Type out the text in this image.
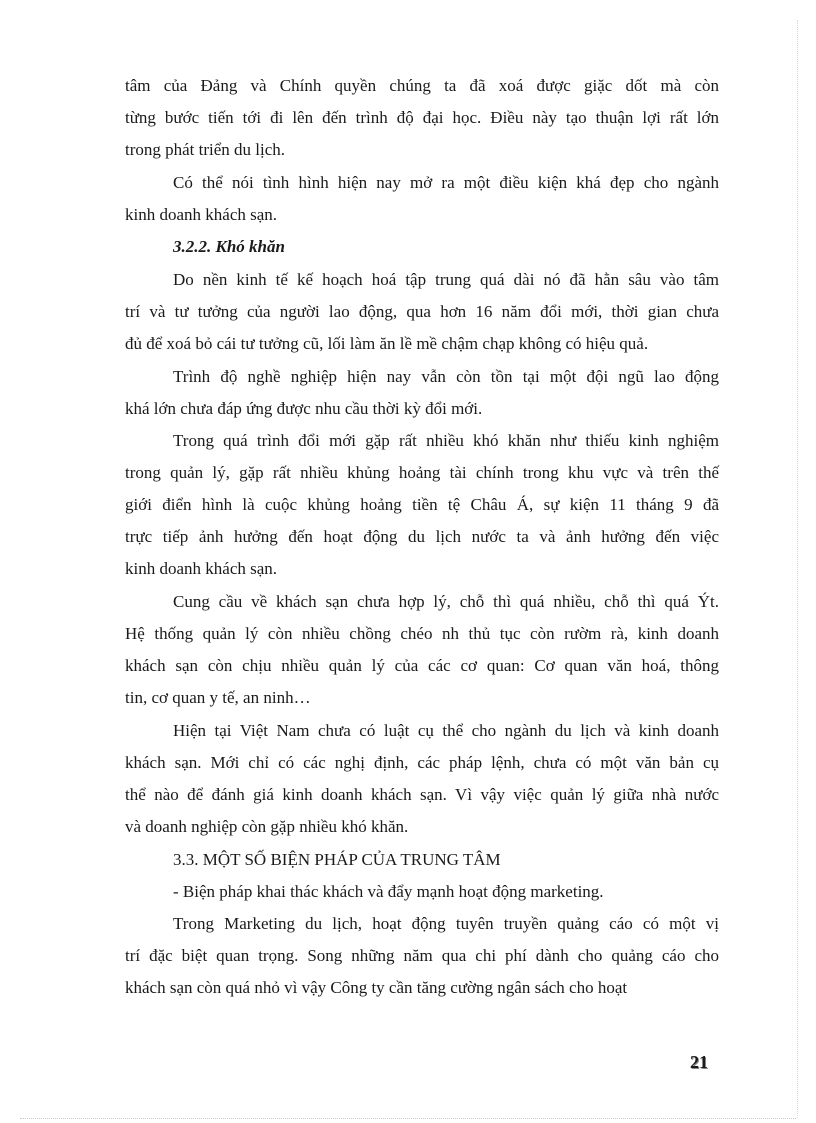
tâm của Đảng và Chính quyền chúng ta đã xoá được giặc dốt mà còn
từng bước tiến tới đi lên đến trình độ đại học. Điều này tạo thuận lợi rất lớn
trong phát triển du lịch.
Có thể nói tình hình hiện nay mở ra một điều kiện khá đẹp cho ngành
kinh doanh khách sạn.
3.2.2. Khó khăn
Do nền kinh tế kế hoạch hoá tập trung quá dài nó đã hằn sâu vào tâm
trí và tư tưởng của người lao động, qua hơn 16 năm đổi mới, thời gian chưa
đủ để xoá bỏ cái tư tưởng cũ, lối làm ăn lề mề chậm chạp không có hiệu quả.
Trình độ nghề nghiệp hiện nay vẫn còn tồn tại một đội ngũ lao động
khá lớn chưa đáp ứng được nhu cầu thời kỳ đổi mới.
Trong quá trình đổi mới gặp rất nhiều khó khăn như thiếu kinh nghiệm
trong quản lý, gặp rất nhiều khủng hoảng tài chính trong khu vực và trên thế
giới điển hình là cuộc khủng hoảng tiền tệ Châu Á, sự kiện 11 tháng 9 đã
trực tiếp ảnh hưởng đến hoạt động du lịch nước ta và ảnh hưởng đến việc
kinh doanh khách sạn.
Cung cầu về khách sạn chưa hợp lý, chỗ thì quá nhiều, chỗ thì quá Ýt.
Hệ thống quản lý còn nhiều chồng chéo nh thủ tục còn rườm rà, kinh doanh
khách sạn còn chịu nhiều quản lý của các cơ quan: Cơ quan văn hoá, thông
tin, cơ quan y tế, an ninh…
Hiện tại Việt Nam chưa có luật cụ thể cho ngành du lịch và kinh doanh
khách sạn. Mới chỉ có các nghị định, các pháp lệnh, chưa có một văn bản cụ
thể nào để đánh giá kinh doanh khách sạn. Vì vậy việc quản lý giữa nhà nước
và doanh nghiệp còn gặp nhiều khó khăn.
3.3. MỘT SỐ BIỆN PHÁP CỦA TRUNG TÂM
- Biện pháp khai thác khách và đẩy mạnh hoạt động marketing.
Trong Marketing du lịch, hoạt động tuyên truyền quảng cáo có một vị
trí đặc biệt quan trọng. Song những năm qua chi phí dành cho quảng cáo cho
khách sạn còn quá nhỏ vì vậy Công ty cần tăng cường ngân sách cho hoạt
21
